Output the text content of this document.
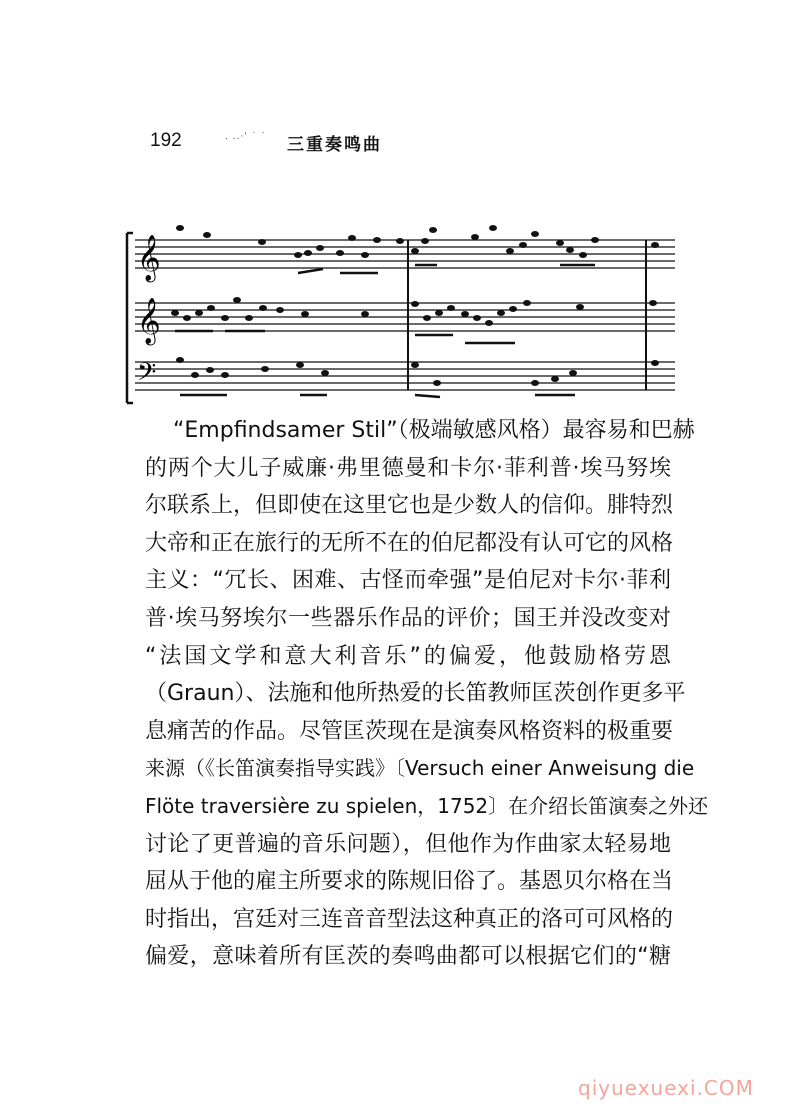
192	. ..·' ˙ ˙ 三重奏鸣曲
𝄞
𝄞
𝄢
“Empfindsamer Stil”（极端敏感风格）最容易和巴赫
的两个大儿子威廉·弗里德曼和卡尔·菲利普·埃马努埃
尔联系上，但即使在这里它也是少数人的信仰。腓特烈
大帝和正在旅行的无所不在的伯尼都没有认可它的风格
主义：“冗长、困难、古怪而牵强”是伯尼对卡尔·菲利
普·埃马努埃尔一些器乐作品的评价；国王并没改变对
“法国文学和意大利音乐”的偏爱，他鼓励格劳恩
（Graun）、法施和他所热爱的长笛教师匡茨创作更多平
息痛苦的作品。尽管匡茨现在是演奏风格资料的极重要
来源（《长笛演奏指导实践》〔Versuch einer Anweisung die
Flöte traversière zu spielen，1752〕在介绍长笛演奏之外还
讨论了更普遍的音乐问题），但他作为作曲家太轻易地
屈从于他的雇主所要求的陈规旧俗了。基恩贝尔格在当
时指出，宫廷对三连音音型法这种真正的洛可可风格的
偏爱，意味着所有匡茨的奏鸣曲都可以根据它们的“糖
qiyuexuexi.COM
